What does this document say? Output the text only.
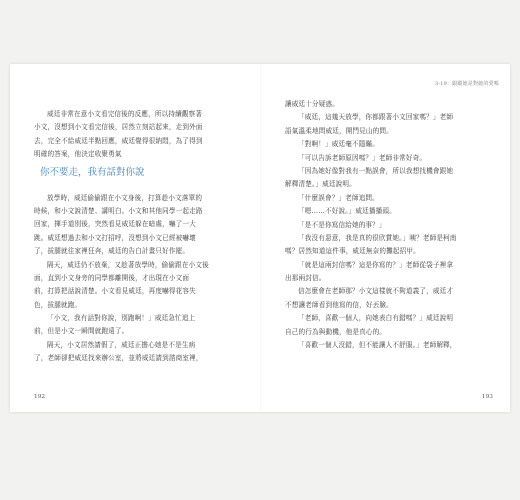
威廷非常在意小文看完信後的反應，所以持續觀察著
小文，沒想到小文看完信後，居然立刻站起來，走到外面
去，完全不給威廷半點回應，威廷覺得很納悶，為了得到
明確的答案，他決定收聚勇氣
你不要走，我有話對你說
放學時，威廷偷偷跟在小文身後，打算趁小文落單的
時候，和小文說清楚、講明白。小文和其他同學一起走路
回家，揮手道別後，突然看見威廷躲在暗處，嚇了一大
跳。威廷想過去和小文打招呼，沒想到小文已經被嚇壞
了，拔腿就往家裡狂奔，威廷的告白計畫只好作罷。
隔天，威廷仍不放棄，又趁著放學時，偷偷跟在小文後
面，直到小文身旁的同學都離開後，才出現在小文面
前，打算把話說清楚。小文看見威廷，再度嚇得花容失
色，拔腿就跑。
「小文，我有話對你說，別跑啊！」威廷急忙追上
前，但是小文一瞬間就跑遠了。
隔天，小文居然請假了，威廷正擔心她是不是生病
了，老師卻把威廷找來辦公室，並將威廷請到諮商室裡，
192
3-19：跟蹤她是對她的愛嗎
讓威廷十分疑惑。
「威廷，這幾天放學，你都跟著小文回家嗎？」老師
語氣溫柔地問威廷，開門見山的問。
「對啊！」威廷毫不隱瞞。
「可以告訴老師原因嗎？」老師非常好奇。
「因為她好像對我有一點誤會，所以我想找機會跟她
解釋清楚。」威廷說明。
「什麼誤會？」老師追問。
「嗯……不好說。」威廷播播頭。
「是不是你寫信給她的事？」
「我沒有惡意，我是真的很欣賞她。」咦？老師是柯南
嗎？居然知道這件事，威廷無奈的攤起招甲。
「就是這兩封信嗎？這是你寫的？」老師從袋子裡拿
出那兩封信。
信怎麼會在老師那？小文這樣就不夠道義了，威廷才
不想讓老師看到他寫的信，好丟臉。
「老師，喜歡一個人，向她表白有錯嗎？」威廷說明
自己的行為與動機，他是真心的。
「喜歡一個人沒錯，但不能讓人不舒服。」老師解釋，
193
